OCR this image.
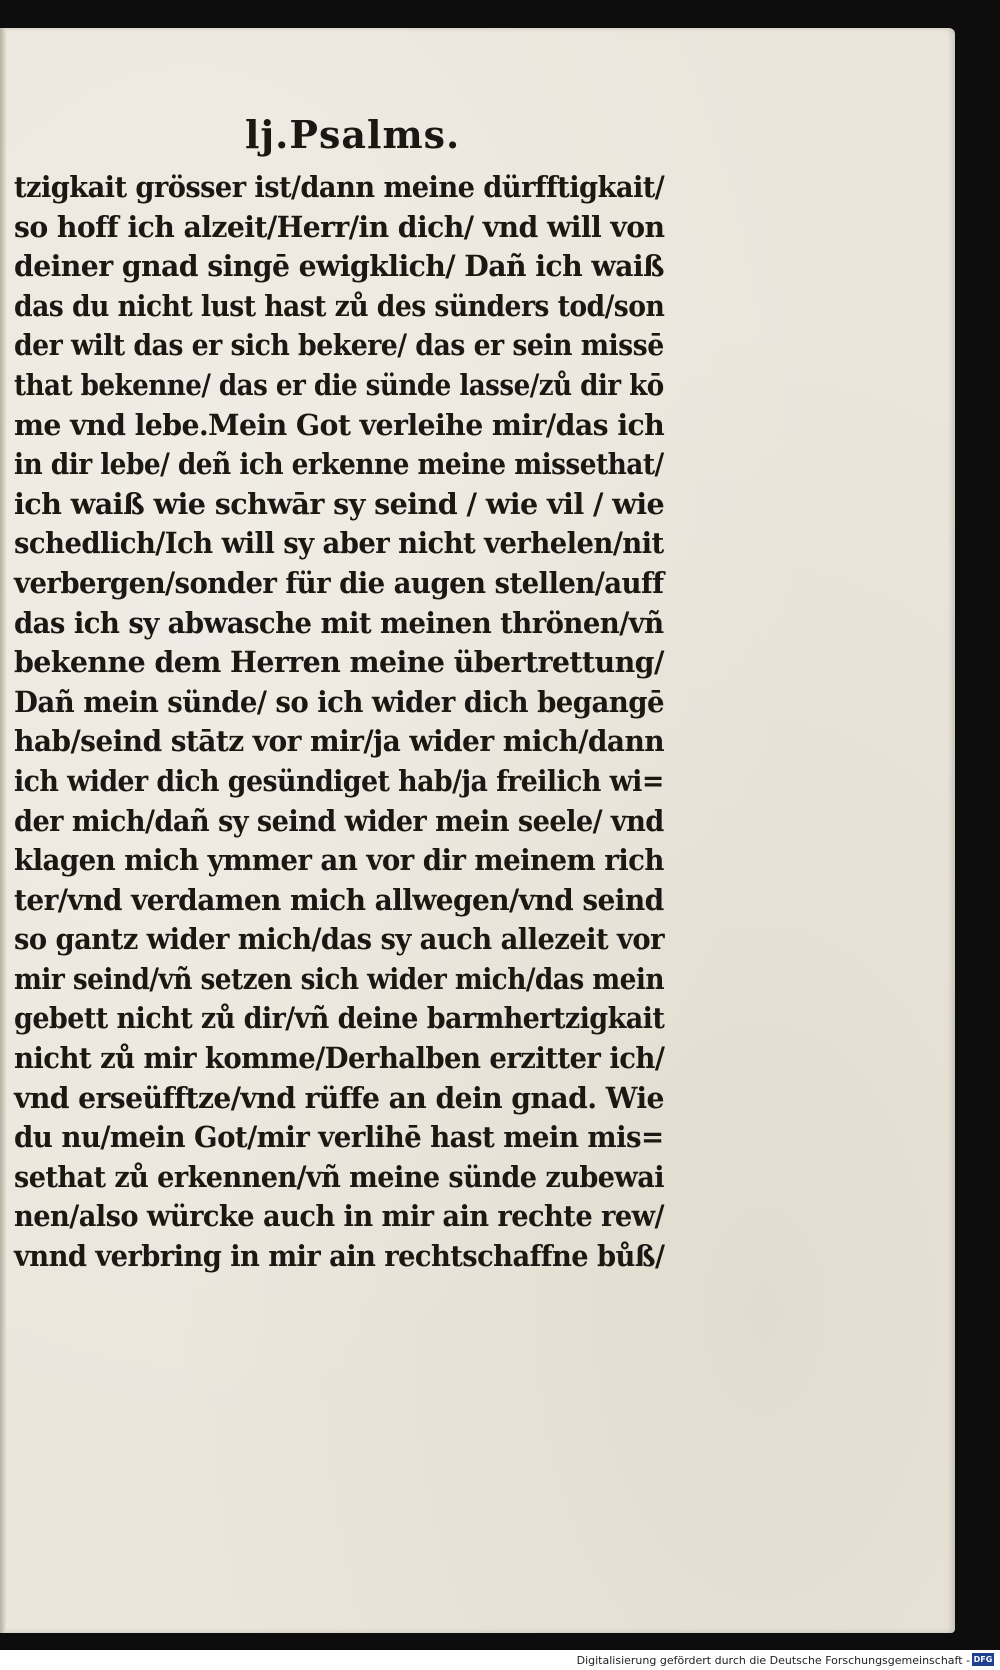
lj.Psalms.
tzigkait grösser ist/dann meine dürfftigkait/
so hoff ich alzeit/Herr/in dich/ vnd will von
deiner gnad singē ewigklich/ Dañ ich waiß
das du nicht lust hast zů des sünders tod/son
der wilt das er sich bekere/ das er sein missē
that bekenne/ das er die sünde lasse/zů dir kō
me vnd lebe.Mein Got verleihe mir/das ich
in dir lebe/ deñ ich erkenne meine missethat/
ich waiß wie schwār sy seind / wie vil / wie
schedlich/Ich will sy aber nicht verhelen/nit
verbergen/sonder für die augen stellen/auff
das ich sy abwasche mit meinen thrönen/vñ
bekenne dem Herren meine übertrettung/
Dañ mein sünde/ so ich wider dich begangē
hab/seind stātz vor mir/ja wider mich/dann
ich wider dich gesündiget hab/ja freilich wi=
der mich/dañ sy seind wider mein seele/ vnd
klagen mich ymmer an vor dir meinem rich
ter/vnd verdamen mich allwegen/vnd seind
so gantz wider mich/das sy auch allezeit vor
mir seind/vñ setzen sich wider mich/das mein
gebett nicht zů dir/vñ deine barmhertzigkait
nicht zů mir komme/Derhalben erzitter ich/
vnd erseüfftze/vnd rüffe an dein gnad. Wie
du nu/mein Got/mir verlihē hast mein mis=
sethat zů erkennen/vñ meine sünde zubewai
nen/also würcke auch in mir ain rechte rew/
vnnd verbring in mir ain rechtschaffne bůß/
Digitalisierung gefördert durch die Deutsche Forschungsgemeinschaft - DFG
